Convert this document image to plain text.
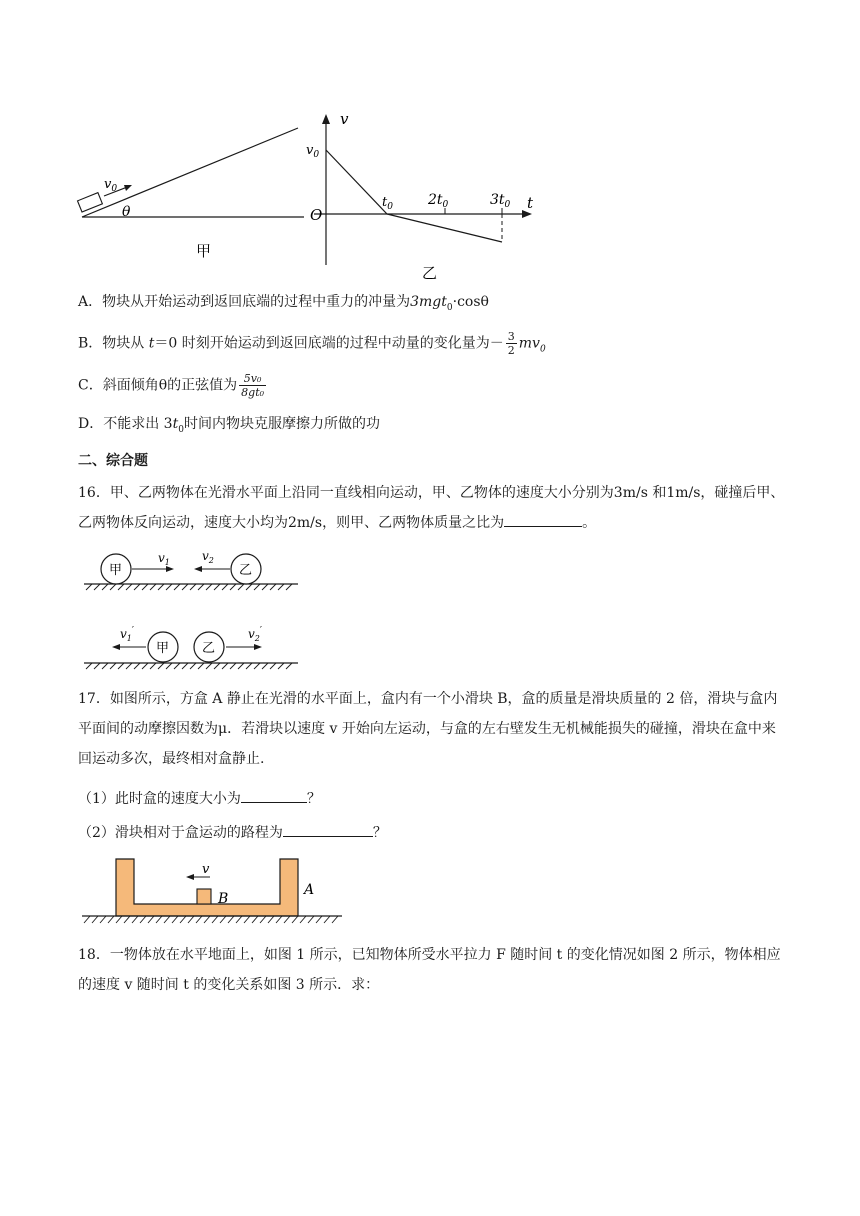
$v_0$
θ
甲
v
t
O
$v_0$
$t_0$	$2t_0$	$3t_0$
乙
A．物块从开始运动到返回底端的过程中重力的冲量为3mgt$_0$·cosθ
B．物块从 t＝0 时刻开始运动到返回底端的过程中动量的变化量为－ $\frac{3}{2} mv_0$
C．斜面倾角θ的正弦值为 $\frac{\text{5v₀}}{\text{8gt₀}}$
D．不能求出 $3t_0$时间内物块克服摩擦力所做的功
二、综合题
16．甲、乙两物体在光滑水平面上沿同一直线相向运动，甲、乙物体的速度大小分别为3m/s 和1m/s，碰撞后甲、乙两物体反向运动，速度大小均为2m/s，则甲、乙两物体质量之比为	。
甲	乙
$v_1$	$v_2$
甲	乙
$v_1'$	$v_2'$
17．如图所示，方盒 A 静止在光滑的水平面上，盒内有一个小滑块 B，盒的质量是滑块质量的 2 倍，滑块与盒内平面间的动摩擦因数为μ．若滑块以速度 v 开始向左运动，与盒的左右壁发生无机械能损失的碰撞，滑块在盒中来回运动多次，最终相对盒静止.
（1）此时盒的速度大小为	？
（2）滑块相对于盒运动的路程为	？
v
B
A
18．一物体放在水平地面上，如图 1 所示，已知物体所受水平拉力 F 随时间 t 的变化情况如图 2 所示，物体相应的速度 v 随时间 t 的变化关系如图 3 所示．求：
